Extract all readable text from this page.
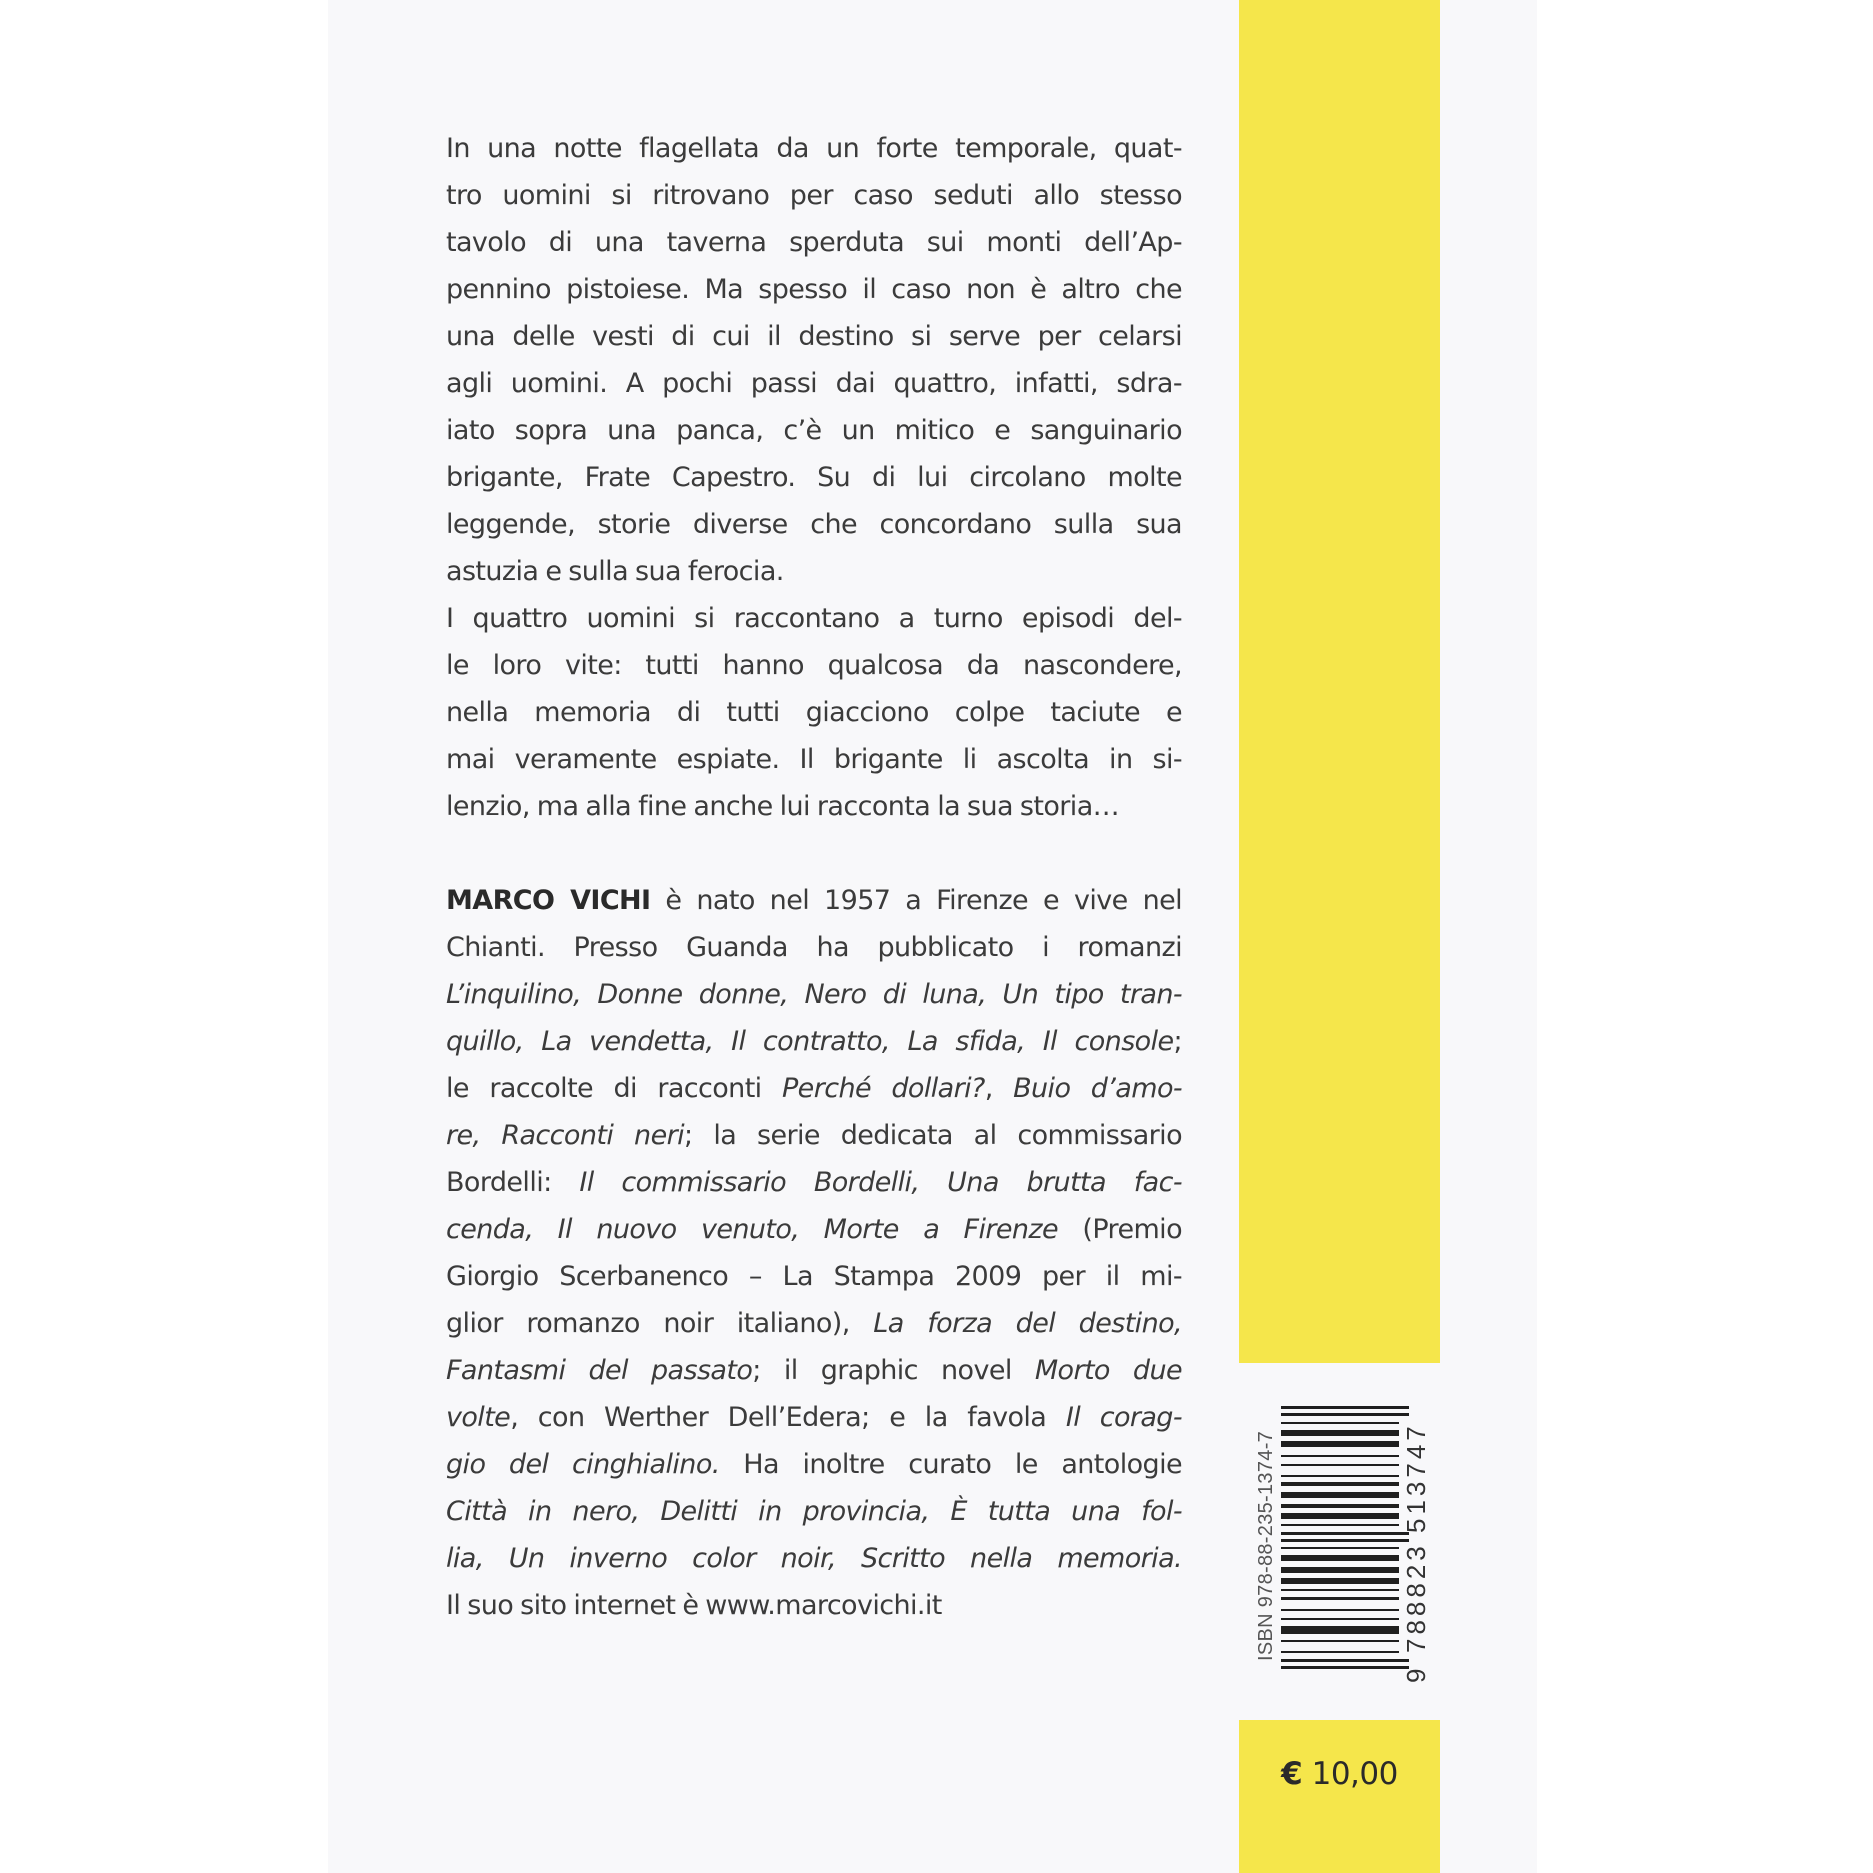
In una notte flagellata da un forte temporale, quat-
tro uomini si ritrovano per caso seduti allo stesso
tavolo di una taverna sperduta sui monti dell’Ap-
pennino pistoiese. Ma spesso il caso non è altro che
una delle vesti di cui il destino si serve per celarsi
agli uomini. A pochi passi dai quattro, infatti, sdra-
iato sopra una panca, c’è un mitico e sanguinario
brigante, Frate Capestro. Su di lui circolano molte
leggende, storie diverse che concordano sulla sua
astuzia e sulla sua ferocia.
I quattro uomini si raccontano a turno episodi del-
le loro vite: tutti hanno qualcosa da nascondere,
nella memoria di tutti giacciono colpe taciute e
mai veramente espiate. Il brigante li ascolta in si-
lenzio, ma alla fine anche lui racconta la sua storia…
MARCO VICHI è nato nel 1957 a Firenze e vive nel
Chianti. Presso Guanda ha pubblicato i romanzi
L’inquilino, Donne donne, Nero di luna, Un tipo tran-
quillo, La vendetta, Il contratto, La sfida, Il console;
le raccolte di racconti Perché dollari?, Buio d’amo-
re, Racconti neri; la serie dedicata al commissario
Bordelli: Il commissario Bordelli, Una brutta fac-
cenda, Il nuovo venuto, Morte a Firenze (Premio
Giorgio Scerbanenco – La Stampa 2009 per il mi-
glior romanzo noir italiano), La forza del destino,
Fantasmi del passato; il graphic novel Morto due
volte, con Werther Dell’Edera; e la favola Il corag-
gio del cinghialino. Ha inoltre curato le antologie
Città in nero, Delitti in provincia, È tutta una fol-
lia, Un inverno color noir, Scritto nella memoria.
Il suo sito internet è www.marcovichi.it	ISBN 978-88-235-1374-7
9
788823
513747
€ 10,00
